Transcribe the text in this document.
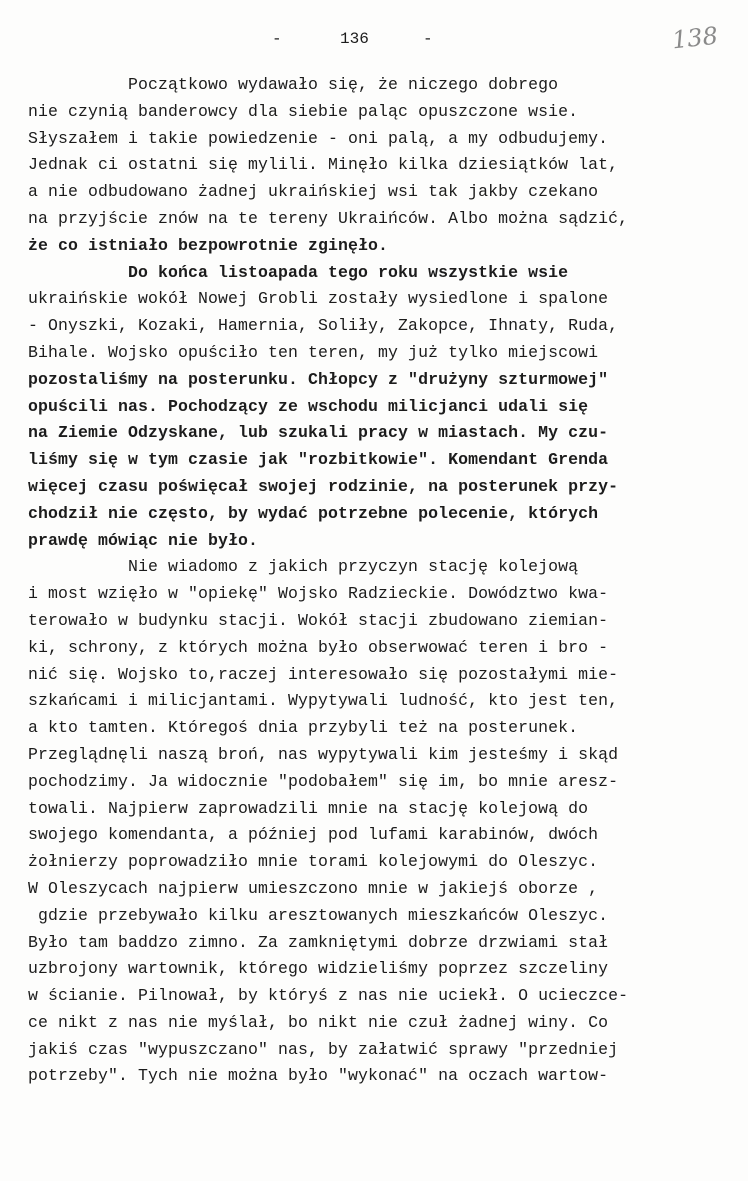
-	136	-	138
Początkowo wydawało się, że niczego dobrego
nie czynią banderowcy dla siebie paląc opuszczone wsie.
Słyszałem i takie powiedzenie - oni palą, a my odbudujemy.
Jednak ci ostatni się mylili. Minęło kilka dziesiątków lat,
a nie odbudowano żadnej ukraińskiej wsi tak jakby czekano
na przyjście znów na te tereny Ukraińców. Albo można sądzić,
że co istniało bezpowrotnie zginęło.
Do końca listoapada tego roku wszystkie wsie
ukraińskie wokół Nowej Grobli zostały wysiedlone i spalone
- Onyszki, Kozaki, Hamernia, Soliły, Zakopce, Ihnaty, Ruda,
Bihale. Wojsko opuściło ten teren, my już tylko miejscowi
pozostaliśmy na posterunku. Chłopcy z "drużyny szturmowej"
opuścili nas. Pochodzący ze wschodu milicjanci udali się
na Ziemie Odzyskane, lub szukali pracy w miastach. My czu-
liśmy się w tym czasie jak "rozbitkowie". Komendant Grenda
więcej czasu poświęcał swojej rodzinie, na posterunek przy-
chodził nie często, by wydać potrzebne polecenie, których
prawdę mówiąc nie było.
Nie wiadomo z jakich przyczyn stację kolejową
i most wzięło w "opiekę" Wojsko Radzieckie. Dowództwo kwa-
terowało w budynku stacji. Wokół stacji zbudowano ziemian-
ki, schrony, z których można było obserwować teren i bro -
nić się. Wojsko to,raczej interesowało się pozostałymi mie-
szkańcami i milicjantami. Wypytywali ludność, kto jest ten,
a kto tamten. Któregoś dnia przybyli też na posterunek.
Przeglądnęli naszą broń, nas wypytywali kim jesteśmy i skąd
pochodzimy. Ja widocznie "podobałem" się im, bo mnie aresz-
towali. Najpierw zaprowadzili mnie na stację kolejową do
swojego komendanta, a później pod lufami karabinów, dwóch
żołnierzy poprowadziło mnie torami kolejowymi do Oleszyc.
W Oleszycach najpierw umieszczono mnie w jakiejś oborze ,
gdzie przebywało kilku aresztowanych mieszkańców Oleszyc.
Było tam baddzo zimno. Za zamkniętymi dobrze drzwiami stał
uzbrojony wartownik, którego widzieliśmy poprzez szczeliny
w ścianie. Pilnował, by któryś z nas nie uciekł. O ucieczce-
ce nikt z nas nie myślał, bo nikt nie czuł żadnej winy. Co
jakiś czas "wypuszczano" nas, by załatwić sprawy "przedniej
potrzeby". Tych nie można było "wykonać" na oczach wartow-
